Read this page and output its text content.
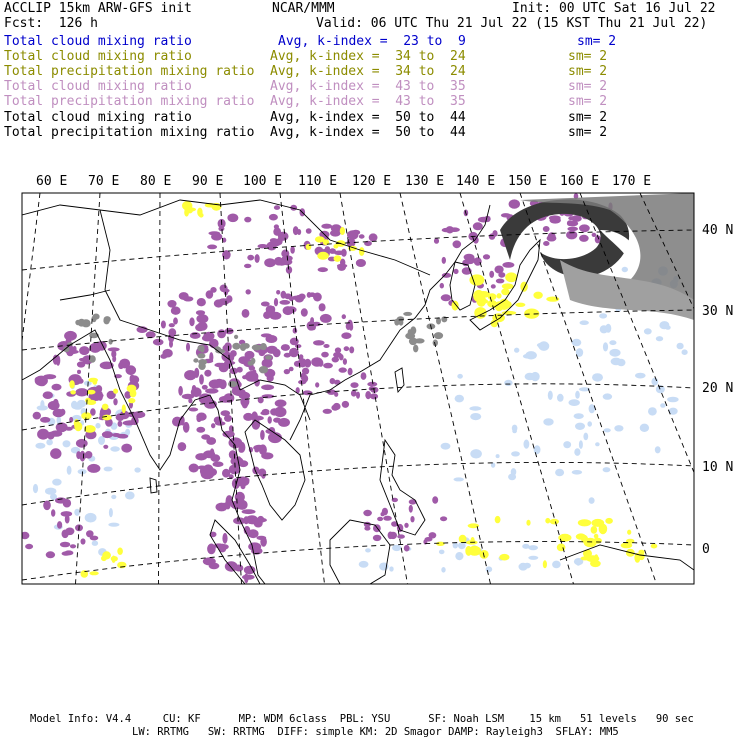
ACCLIP 15km ARW-GFS init	NCAR/MMM	Init: 00 UTC Sat 16 Jul 22
Fcst:  126 h	Valid: 06 UTC Thu 21 Jul 22 (15 KST Thu 21 Jul 22)
Total cloud mixing ratio	Avg, k-index =  23 to  9	sm= 2
Total cloud mixing ratio	Avg, k-index =  34 to  24	sm= 2
Total precipitation mixing ratio Avg, k-index =  34 to  24	sm= 2
Total cloud mixing ratio	Avg, k-index =  43 to  35	sm= 2
Total precipitation mixing ratio Avg, k-index =  43 to  35	sm= 2
Total cloud mixing ratio	Avg, k-index =  50 to  44	sm= 2
Total precipitation mixing ratio Avg, k-index =  50 to  44	sm= 2
60 E 70 E 80 E 90 E 100 E 110 E 120 E 130 E 140 E 150 E 160 E 170 E
40 N
30 N
20 N
10 N
0
Model Info: V4.4     CU: KF      MP: WDM 6class  PBL: YSU      SF: Noah LSM    15 km   51 levels   90 sec
LW: RRTMG   SW: RRTMG  DIFF: simple KM: 2D Smagor DAMP: Rayleigh3  SFLAY: MM5
